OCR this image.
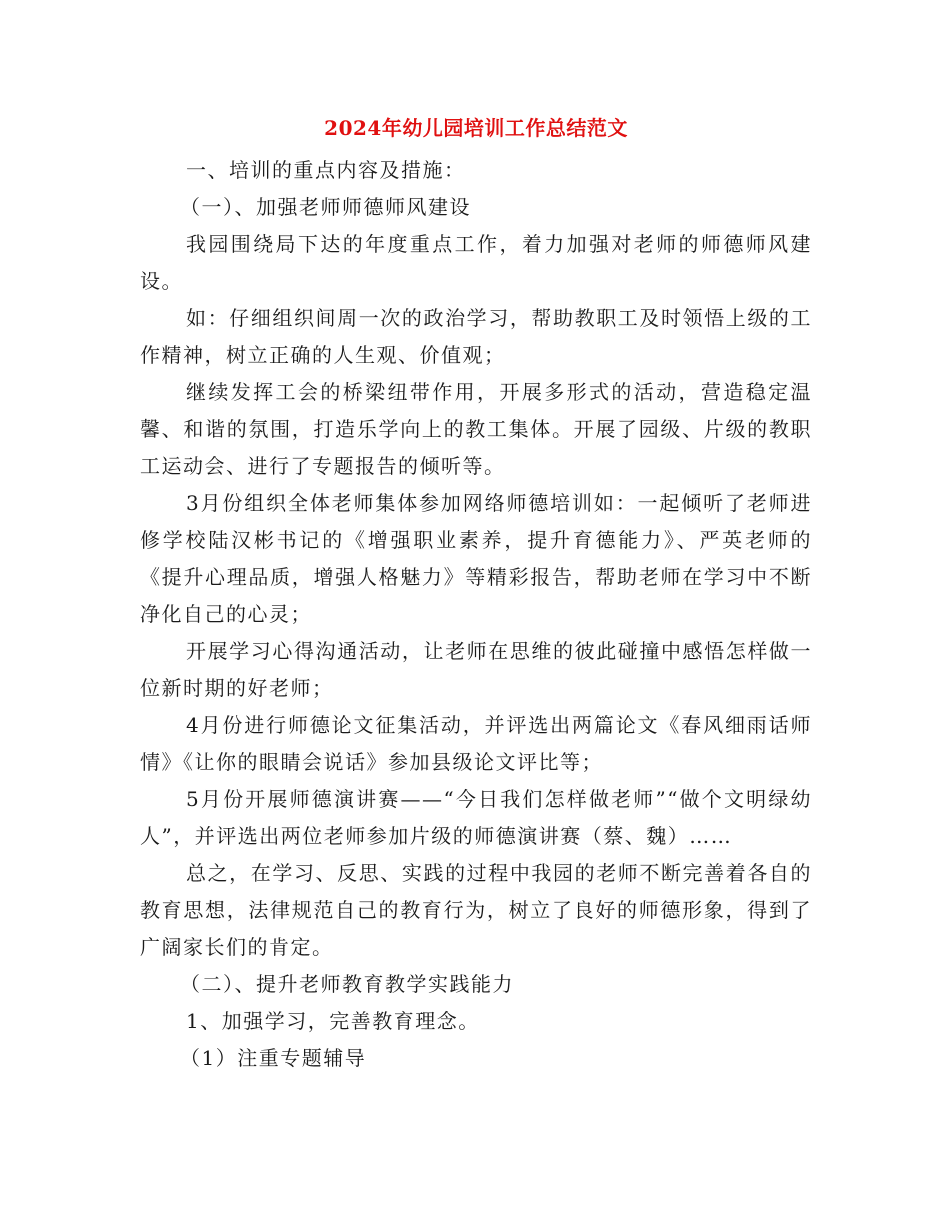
2024年幼儿园培训工作总结范文

一、培训的重点内容及措施：

（一）、加强老师师德师风建设

我园围绕局下达的年度重点工作，着力加强对老师的师德师风建设。

如：仔细组织间周一次的政治学习，帮助教职工及时领悟上级的工作精神，树立正确的人生观、价值观；

继续发挥工会的桥梁纽带作用，开展多形式的活动，营造稳定温馨、和谐的氛围，打造乐学向上的教工集体。开展了园级、片级的教职工运动会、进行了专题报告的倾听等。

3月份组织全体老师集体参加网络师德培训如：一起倾听了老师进修学校陆汉彬书记的《增强职业素养，提升育德能力》、严英老师的《提升心理品质，增强人格魅力》等精彩报告，帮助老师在学习中不断净化自己的心灵；

开展学习心得沟通活动，让老师在思维的彼此碰撞中感悟怎样做一位新时期的好老师；

4月份进行师德论文征集活动，并评选出两篇论文《春风细雨话师情》《让你的眼睛会说话》参加县级论文评比等；

5月份开展师德演讲赛——“今日我们怎样做老师”“做个文明绿幼人”，并评选出两位老师参加片级的师德演讲赛（蔡、魏）……

总之，在学习、反思、实践的过程中我园的老师不断完善着各自的教育思想，法律规范自己的教育行为，树立了良好的师德形象，得到了广阔家长们的肯定。

（二）、提升老师教育教学实践能力

1、加强学习，完善教育理念。

（1）注重专题辅导
